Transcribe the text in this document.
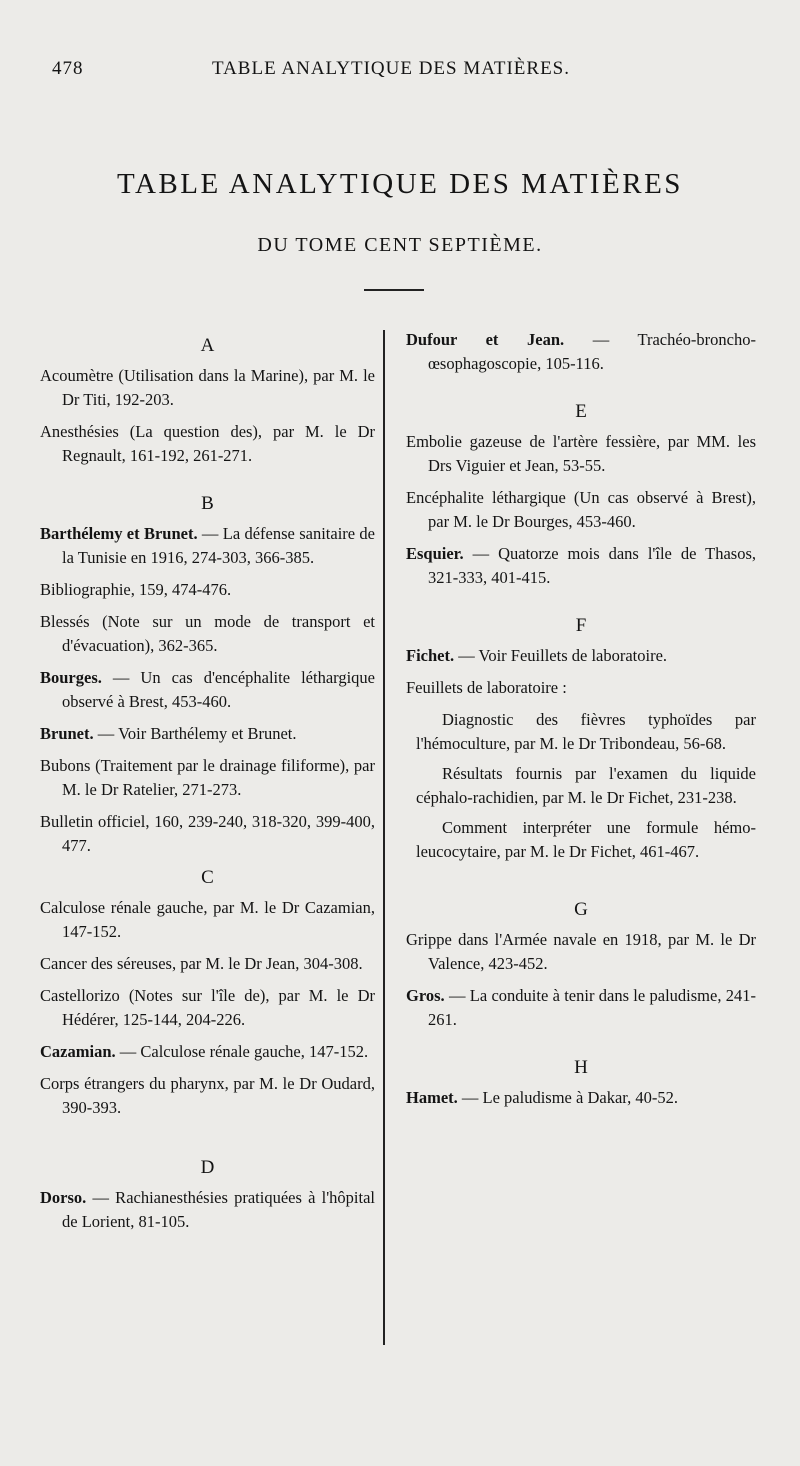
478	TABLE ANALYTIQUE DES MATIÈRES.
TABLE ANALYTIQUE DES MATIÈRES
DU TOME CENT SEPTIÈME.
A

Acoumètre (Utilisation dans la Marine), par M. le Dr Titi, 192-203.

Anesthésies (La question des), par M. le Dr Regnault, 161-192, 261-271.

B

Barthélemy et Brunet. — La défense sanitaire de la Tunisie en 1916, 274-303, 366-385.

Bibliographie, 159, 474-476.

Blessés (Note sur un mode de transport et d'évacuation), 362-365.

Bourges. — Un cas d'encéphalite léthargique observé à Brest, 453-460.

Brunet. — Voir Barthélemy et Brunet.

Bubons (Traitement par le drainage filiforme), par M. le Dr Ratelier, 271-273.

Bulletin officiel, 160, 239-240, 318-320, 399-400, 477.

C

Calculose rénale gauche, par M. le Dr Cazamian, 147-152.

Cancer des séreuses, par M. le Dr Jean, 304-308.

Castellorizo (Notes sur l'île de), par M. le Dr Hédérer, 125-144, 204-226.

Cazamian. — Calculose rénale gauche, 147-152.

Corps étrangers du pharynx, par M. le Dr Oudard, 390-393.

D

Dorso. — Rachianesthésies pratiquées à l'hôpital de Lorient, 81-105.

Dufour et Jean. — Trachéo-broncho-œsophagoscopie, 105-116.

E

Embolie gazeuse de l'artère fessière, par MM. les Drs Viguier et Jean, 53-55.

Encéphalite léthargique (Un cas observé à Brest), par M. le Dr Bourges, 453-460.

Esquier. — Quatorze mois dans l'île de Thasos, 321-333, 401-415.

F

Fichet. — Voir Feuillets de laboratoire.

Feuillets de laboratoire :

Diagnostic des fièvres typhoïdes par l'hémoculture, par M. le Dr Tribondeau, 56-68.

Résultats fournis par l'examen du liquide céphalo-rachidien, par M. le Dr Fichet, 231-238.

Comment interpréter une formule hémo-leucocytaire, par M. le Dr Fichet, 461-467.

G

Grippe dans l'Armée navale en 1918, par M. le Dr Valence, 423-452.

Gros. — La conduite à tenir dans le paludisme, 241-261.

H

Hamet. — Le paludisme à Dakar, 40-52.
